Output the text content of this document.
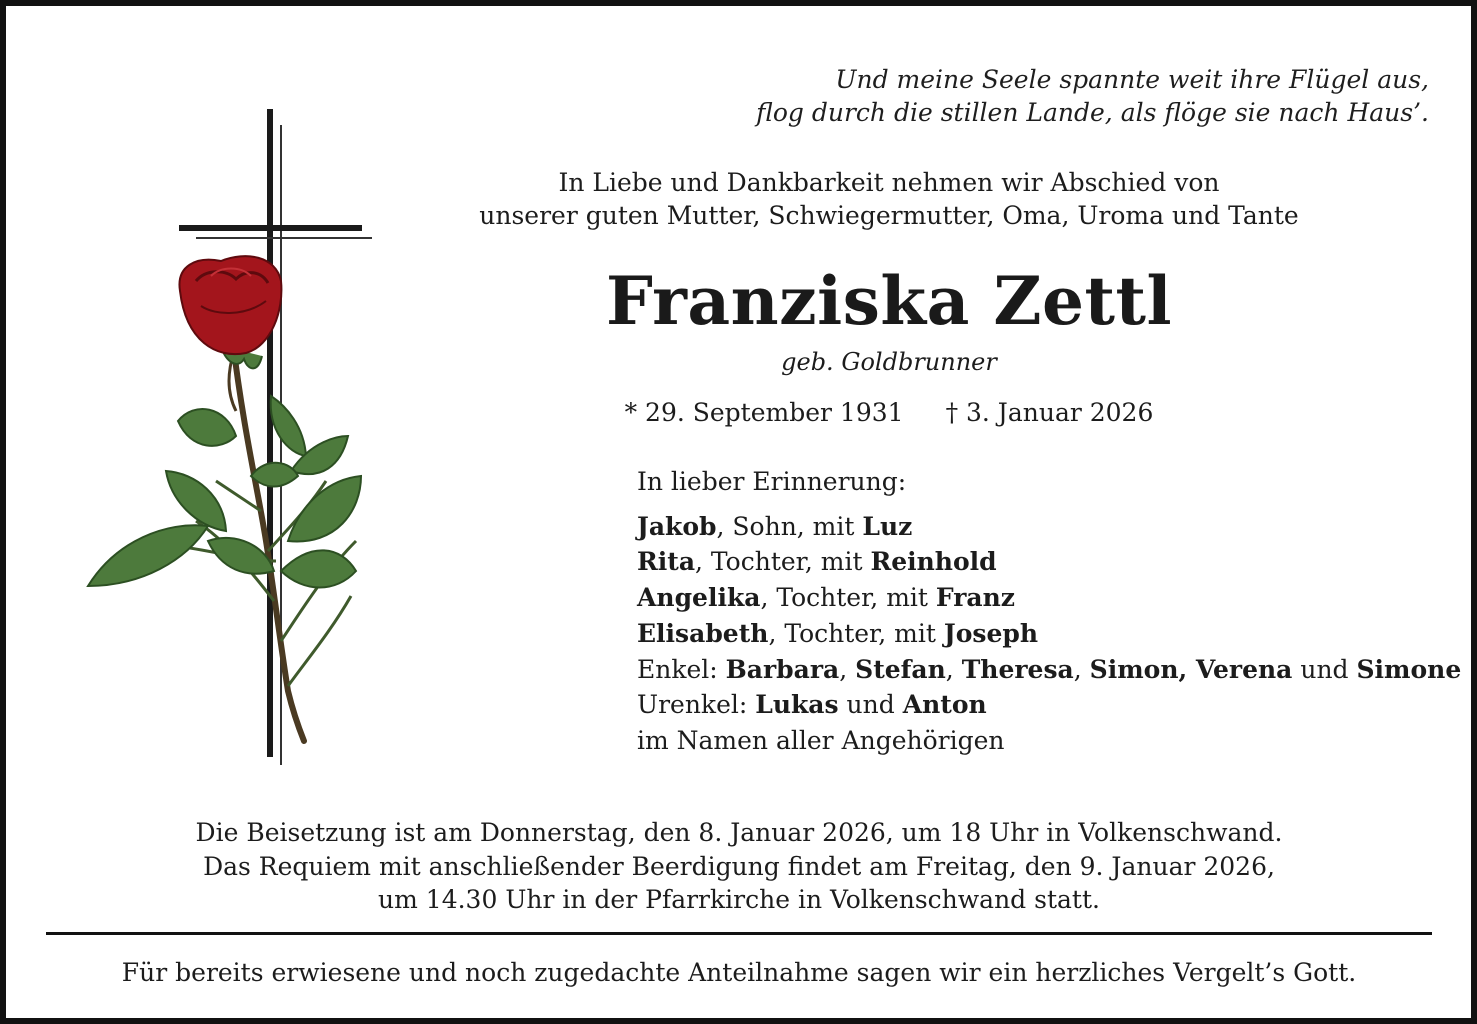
Und meine Seele spannte weit ihre Flügel aus,
flog durch die stillen Lande, als flöge sie nach Haus’.
In Liebe und Dankbarkeit nehmen wir Abschied von
unserer guten Mutter, Schwiegermutter, Oma, Uroma und Tante
Franziska Zettl
geb. Goldbrunner
* 29. September 1931 † 3. Januar 2026
In lieber Erinnerung:
Jakob, Sohn, mit Luz
Rita, Tochter, mit Reinhold
Angelika, Tochter, mit Franz
Elisabeth, Tochter, mit Joseph
Enkel: Barbara, Stefan, Theresa, Simon, Verena und Simone
Urenkel: Lukas und Anton
im Namen aller Angehörigen
Die Beisetzung ist am Donnerstag, den 8. Januar 2026, um 18 Uhr in Volkenschwand.
Das Requiem mit anschließender Beerdigung findet am Freitag, den 9. Januar 2026,
um 14.30 Uhr in der Pfarrkirche in Volkenschwand statt.
Für bereits erwiesene und noch zugedachte Anteilnahme sagen wir ein herzliches Vergelt’s Gott.
